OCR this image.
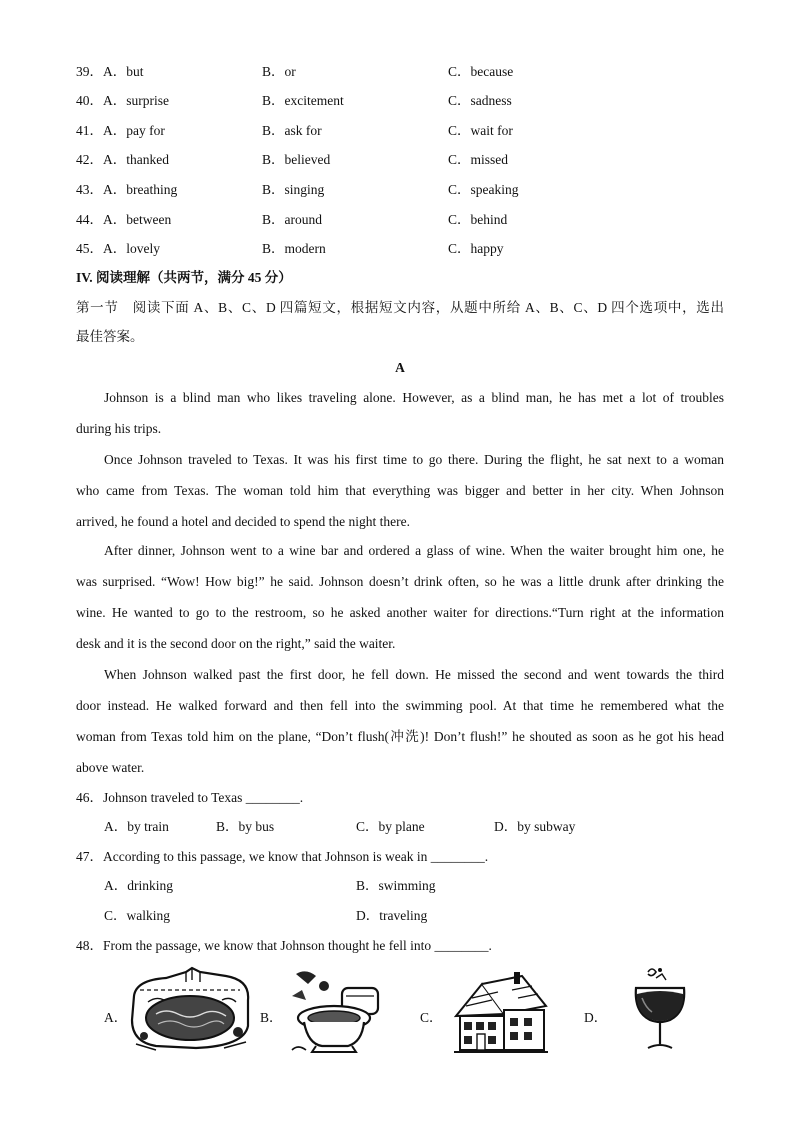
39．A．but	B．or	C．because
40．A．surprise	B．excitement	C．sadness
41．A．pay for	B．ask for	C．wait for
42．A．thanked	B．believed	C．missed
43．A．breathing	B．singing	C．speaking
44．A．between	B．around	C．behind
45．A．lovely	B．modern	C．happy
IV. 阅读理解（共两节，满分 45 分）
第一节　阅读下面 A、B、C、D 四篇短文，根据短文内容，从题中所给 A、B、C、D 四个选项中，选出
最佳答案。
A
Johnson is a blind man who likes traveling alone. However, as a blind man, he has met a lot of troubles
during his trips.
Once Johnson traveled to Texas. It was his first time to go there. During the flight, he sat next to a woman
who came from Texas. The woman told him that everything was bigger and better in her city. When Johnson
arrived, he found a hotel and decided to spend the night there.
After dinner, Johnson went to a wine bar and ordered a glass of wine. When the waiter brought him one, he
was surprised. “Wow! How big!” he said. Johnson doesn’t drink often, so he was a little drunk after drinking the
wine. He wanted to go to the restroom, so he asked another waiter for directions.“Turn right at the information
desk and it is the second door on the right,” said the waiter.
When Johnson walked past the first door, he fell down. He missed the second and went towards the third
door instead. He walked forward and then fell into the swimming pool. At that time he remembered what the
woman from Texas told him on the plane, “Don’t flush(冲洗)! Don’t flush!” he shouted as soon as he got his head
above water.
46．Johnson traveled to Texas ________.
A．by train	B．by bus	C．by plane	D．by subway
47．According to this passage, we know that Johnson is weak in ________.
A．drinking	B．swimming
C．walking	D．traveling
48．From the passage, we know that Johnson thought he fell into ________.
A．	B．	C．	D．
